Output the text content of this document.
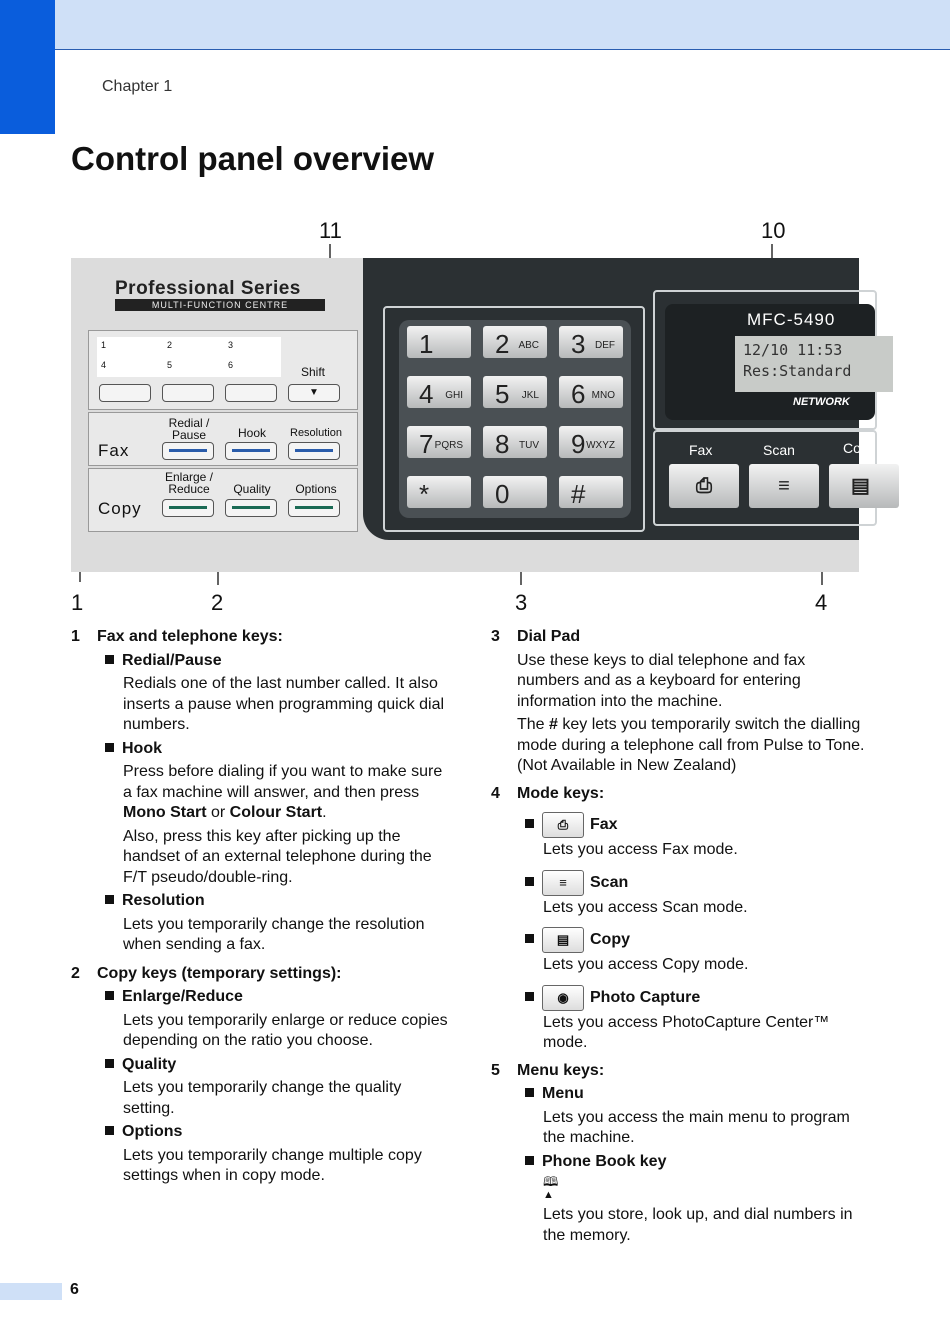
Chapter 1
Control panel overview
11	10
1	2	3	4
Professional Series
MULTI-FUNCTION CENTRE
1	2	3
4	5	6	Shift
▼
Fax
Redial /
Pause	Hook	Resolution
Copy
Enlarge /
Reduce	Quality	Options
1 2 ABC 3 DEF
4 GHI 5 JKL 6 MNO
7 PQRS 8 TUV 9 WXYZ
*	0 #
MFC-5490
12/10 11:53
Res:Standard
NETWORK
Fax	Scan	Co
⎙	≡	▤
1 Fax and telephone keys:

Redial/Pause

Redials one of the last number called. It also inserts a pause when programming quick dial numbers.

Hook

Press before dialing if you want to make sure a fax machine will answer, and then press Mono Start or Colour Start.

Also, press this key after picking up the handset of an external telephone during the F/T pseudo/double-ring.

Resolution

Lets you temporarily change the resolution when sending a fax.

2 Copy keys (temporary settings):

Enlarge/Reduce

Lets you temporarily enlarge or reduce copies depending on the ratio you choose.

Quality

Lets you temporarily change the quality setting.

Options

Lets you temporarily change multiple copy settings when in copy mode.

3 Dial Pad

Use these keys to dial telephone and fax numbers and as a keyboard for entering information into the machine.

The # key lets you temporarily switch the dialling mode during a telephone call from Pulse to Tone. (Not Available in New Zealand)

4 Mode keys:

⎙ Fax

Lets you access Fax mode.

≡ Scan

Lets you access Scan mode.

▤ Copy

Lets you access Copy mode.

◉ Photo Capture

Lets you access PhotoCapture Center™ mode.

5 Menu keys:

Menu

Lets you access the main menu to program the machine.

Phone Book key

🕮

▲

Lets you store, look up, and dial numbers in the memory.

6
